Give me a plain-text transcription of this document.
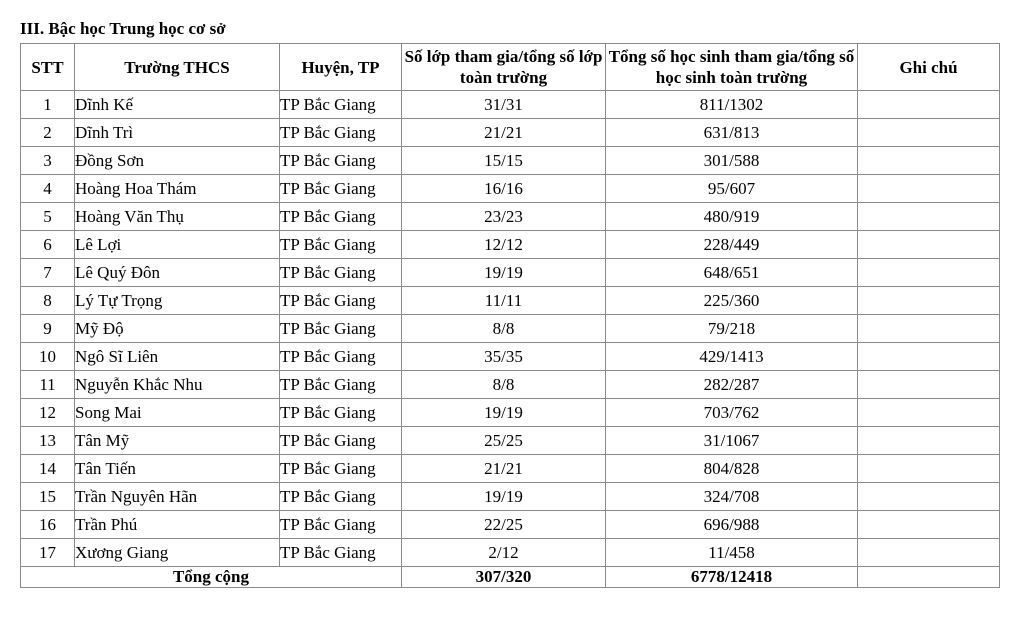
III. Bậc học Trung học cơ sở
STT	Trường THCS	Huyện, TP	Số lớp tham gia/tổng số lớp toàn trường	Tổng số học sinh tham gia/tổng số học sinh toàn trường	Ghi chú
1	Dĩnh Kế	TP Bắc Giang	31/31	811/1302	
2	Dĩnh Trì	TP Bắc Giang	21/21	631/813	
3	Đồng Sơn	TP Bắc Giang	15/15	301/588	
4	Hoàng Hoa Thám	TP Bắc Giang	16/16	95/607	
5	Hoàng Văn Thụ	TP Bắc Giang	23/23	480/919	
6	Lê Lợi	TP Bắc Giang	12/12	228/449	
7	Lê Quý Đôn	TP Bắc Giang	19/19	648/651	
8	Lý Tự Trọng	TP Bắc Giang	11/11	225/360	
9	Mỹ Độ	TP Bắc Giang	8/8	79/218	
10	Ngô Sĩ Liên	TP Bắc Giang	35/35	429/1413	
11	Nguyễn Khắc Nhu	TP Bắc Giang	8/8	282/287	
12	Song Mai	TP Bắc Giang	19/19	703/762	
13	Tân Mỹ	TP Bắc Giang	25/25	31/1067	
14	Tân Tiến	TP Bắc Giang	21/21	804/828	
15	Trần Nguyên Hãn	TP Bắc Giang	19/19	324/708	
16	Trần Phú	TP Bắc Giang	22/25	696/988	
17	Xương Giang	TP Bắc Giang	2/12	11/458	
Tổng cộng			307/320	6778/12418	
